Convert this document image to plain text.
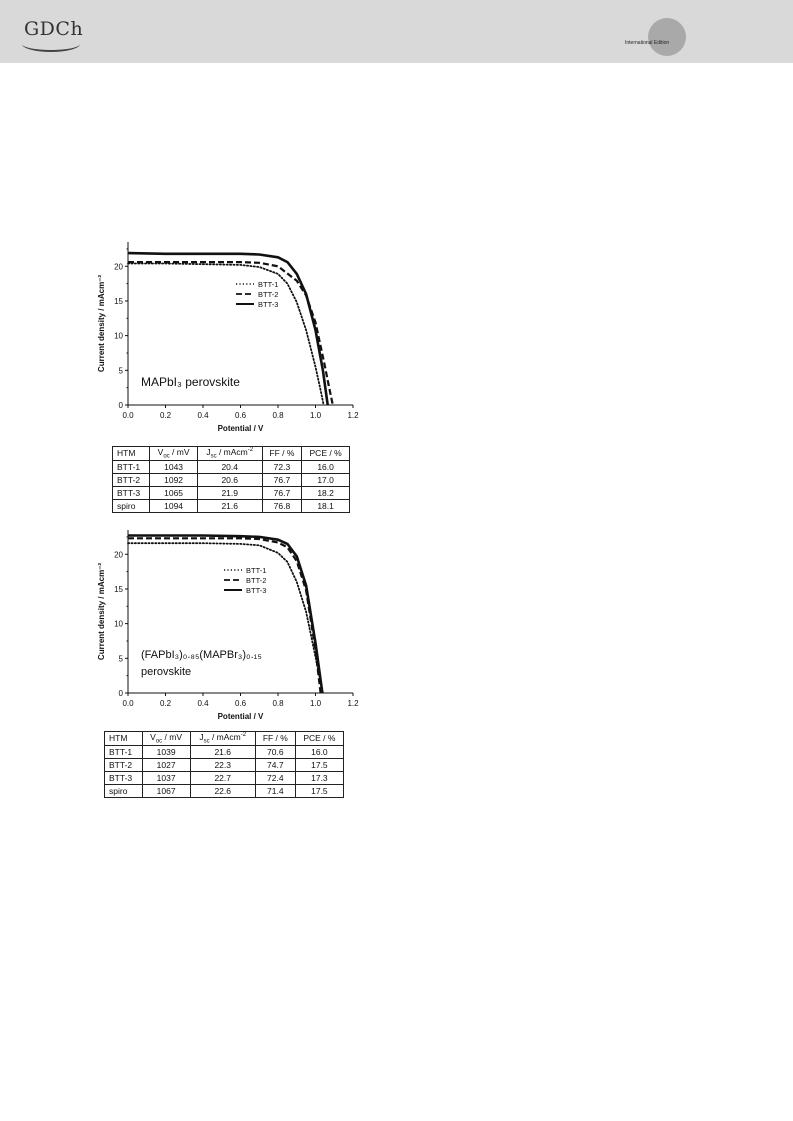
GDCh
International Edition
0.0	0.2	0.4	0.6	0.8	1.0	1.2
0
5
10
15
20
Potential / V
Current density / mAcm⁻²	BTT-1
BTT-2
BTT-3
MAPbI₃ perovskite
HTM	$V_{oc}$ / mV	$J_{sc}$ / mAcm$^{-2}$	FF / %	PCE / %
BTT-1	1043	20.4	72.3	16.0
BTT-2	1092	20.6	76.7	17.0
BTT-3	1065	21.9	76.7	18.2
spiro	1094	21.6	76.8	18.1
0.0	0.2	0.4	0.6	0.8	1.0	1.2
0
5
10
15
20
Potential / V
Current density / mAcm⁻²	BTT-1
BTT-2
BTT-3
(FAPbI₃)₀.₈₅(MAPBr₃)₀.₁₅
perovskite
HTM	$V_{oc}$ / mV	$J_{sc}$ / mAcm$^{-2}$	FF / %	PCE / %
BTT-1	1039	21.6	70.6	16.0
BTT-2	1027	22.3	74.7	17.5
BTT-3	1037	22.7	72.4	17.3
spiro	1067	22.6	71.4	17.5
